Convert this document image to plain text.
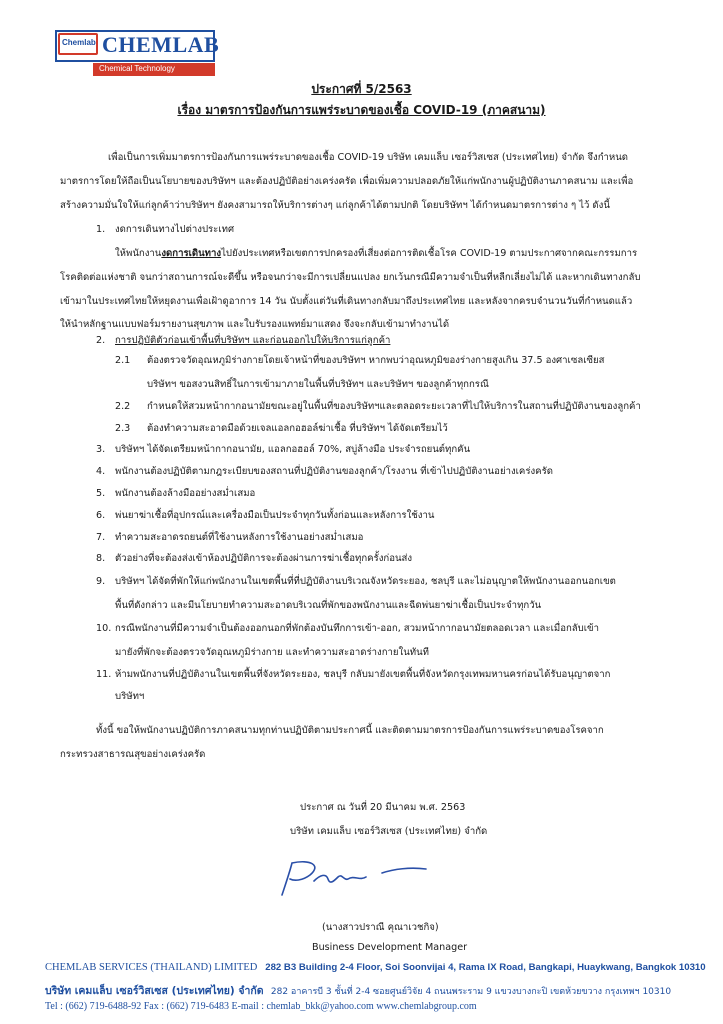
Chemlab CHEMLAB
Chemical Technology
ประกาศที่ 5/2563
เรื่อง มาตรการป้องกันการแพร่ระบาดของเชื้อ COVID-19 (ภาคสนาม)
เพื่อเป็นการเพิ่มมาตรการป้องกันการแพร่ระบาดของเชื้อ COVID-19 บริษัท เคมแล็บ เซอร์วิสเซส (ประเทศไทย) จำกัด จึงกำหนด
มาตรการโดยให้ถือเป็นนโยบายของบริษัทฯ และต้องปฏิบัติอย่างเคร่งครัด เพื่อเพิ่มความปลอดภัยให้แก่พนักงานผู้ปฏิบัติงานภาคสนาม และเพื่อ
สร้างความมั่นใจให้แก่ลูกค้าว่าบริษัทฯ ยังคงสามารถให้บริการต่างๆ แก่ลูกค้าได้ตามปกติ โดยบริษัทฯ ได้กำหนดมาตรการต่าง ๆ ไว้ ดังนี้
1. งดการเดินทางไปต่างประเทศ
ให้พนักงานงดการเดินทางไปยังประเทศหรือเขตการปกครองที่เสี่ยงต่อการติดเชื้อโรค COVID-19 ตามประกาศจากคณะกรรมการ
โรคติดต่อแห่งชาติ จนกว่าสถานการณ์จะดีขึ้น หรือจนกว่าจะมีการเปลี่ยนแปลง ยกเว้นกรณีมีความจำเป็นที่หลีกเลี่ยงไม่ได้ และหากเดินทางกลับ
เข้ามาในประเทศไทยให้หยุดงานเพื่อเฝ้าดูอาการ 14 วัน นับตั้งแต่วันที่เดินทางกลับมาถึงประเทศไทย และหลังจากครบจำนวนวันที่กำหนดแล้ว
ให้นำหลักฐานแบบฟอร์มรายงานสุขภาพ และใบรับรองแพทย์มาแสดง จึงจะกลับเข้ามาทำงานได้
2. การปฏิบัติตัวก่อนเข้าพื้นที่บริษัทฯ และก่อนออกไปให้บริการแก่ลูกค้า
2.1 ต้องตรวจวัดอุณหภูมิร่างกายโดยเจ้าหน้าที่ของบริษัทฯ หากพบว่าอุณหภูมิของร่างกายสูงเกิน 37.5 องศาเซลเซียส
บริษัทฯ ขอสงวนสิทธิ์ในการเข้ามาภายในพื้นที่บริษัทฯ และบริษัทฯ ของลูกค้าทุกกรณี
2.2 กำหนดให้สวมหน้ากากอนามัยขณะอยู่ในพื้นที่ของบริษัทฯและตลอดระยะเวลาที่ไปให้บริการในสถานที่ปฏิบัติงานของลูกค้า
2.3 ต้องทำความสะอาดมือด้วยเจลแอลกอฮอล์ฆ่าเชื้อ ที่บริษัทฯ ได้จัดเตรียมไว้
3. บริษัทฯ ได้จัดเตรียมหน้ากากอนามัย, แอลกอฮอล์ 70%, สบู่ล้างมือ ประจำรถยนต์ทุกคัน
4. พนักงานต้องปฏิบัติตามกฎระเบียบของสถานที่ปฏิบัติงานของลูกค้า/โรงงาน ที่เข้าไปปฏิบัติงานอย่างเคร่งครัด
5. พนักงานต้องล้างมืออย่างสม่ำเสมอ
6. พ่นยาฆ่าเชื้อที่อุปกรณ์และเครื่องมือเป็นประจำทุกวันทั้งก่อนและหลังการใช้งาน
7. ทำความสะอาดรถยนต์ที่ใช้งานหลังการใช้งานอย่างสม่ำเสมอ
8. ตัวอย่างที่จะต้องส่งเข้าห้องปฏิบัติการจะต้องผ่านการฆ่าเชื้อทุกครั้งก่อนส่ง
9. บริษัทฯ ได้จัดที่พักให้แก่พนักงานในเขตพื้นที่ที่ปฏิบัติงานบริเวณจังหวัดระยอง, ชลบุรี และไม่อนุญาตให้พนักงานออกนอกเขต
พื้นที่ดังกล่าว และมีนโยบายทำความสะอาดบริเวณที่พักของพนักงานและฉีดพ่นยาฆ่าเชื้อเป็นประจำทุกวัน
10. กรณีพนักงานที่มีความจำเป็นต้องออกนอกที่พักต้องบันทึกการเข้า-ออก, สวมหน้ากากอนามัยตลอดเวลา และเมื่อกลับเข้า
มายังที่พักจะต้องตรวจวัดอุณหภูมิร่างกาย และทำความสะอาดร่างกายในทันที
11. ห้ามพนักงานที่ปฏิบัติงานในเขตพื้นที่จังหวัดระยอง, ชลบุรี กลับมายังเขตพื้นที่จังหวัดกรุงเทพมหานครก่อนได้รับอนุญาตจาก
บริษัทฯ
ทั้งนี้ ขอให้พนักงานปฏิบัติการภาคสนามทุกท่านปฏิบัติตามประกาศนี้ และติดตามมาตรการป้องกันการแพร่ระบาดของโรคจาก
กระทรวงสาธารณสุขอย่างเคร่งครัด
ประกาศ ณ วันที่ 20 มีนาคม พ.ศ. 2563
บริษัท เคมแล็บ เซอร์วิสเซส (ประเทศไทย) จำกัด
(นางสาวปราณี คุณาเวชกิจ)
Business Development Manager
CHEMLAB SERVICES (THAILAND) LIMITED 282 B3 Building 2-4 Floor, Soi Soonvijai 4, Rama IX Road, Bangkapi, Huaykwang, Bangkok 10310
บริษัท เคมแล็บ เซอร์วิสเซส (ประเทศไทย) จำกัด 282 อาคารบี 3 ชั้นที่ 2-4 ซอยศูนย์วิจัย 4 ถนนพระราม 9 แขวงบางกะปิ เขตห้วยขวาง กรุงเทพฯ 10310
Tel : (662) 719-6488-92 Fax : (662) 719-6483 E-mail : chemlab_bkk@yahoo.com www.chemlabgroup.com
